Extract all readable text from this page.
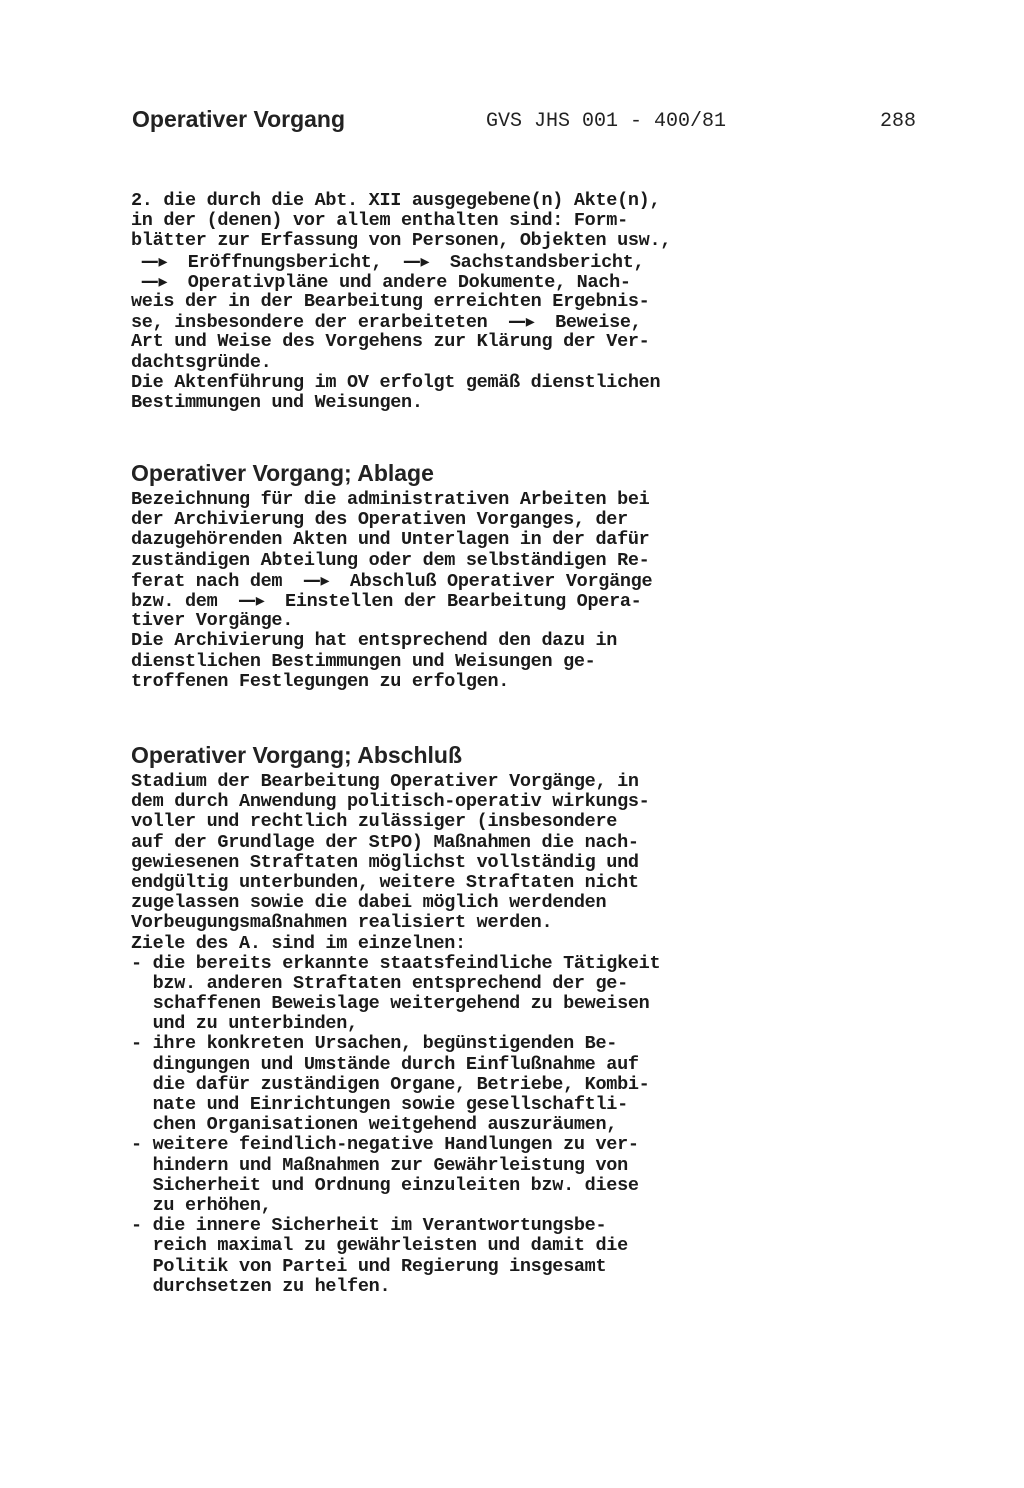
Operativer Vorgang	GVS JHS 001 - 400/81	288
2. die durch die Abt. XII ausgegebene(n) Akte(n),
in der (denen) vor allem enthalten sind: Form-
blätter zur Erfassung von Personen, Objekten usw.,
—▸ Eröffnungsbericht, —▸ Sachstandsbericht,
—▸ Operativpläne und andere Dokumente, Nach-
weis der in der Bearbeitung erreichten Ergebnis-
se, insbesondere der erarbeiteten —▸ Beweise,
Art und Weise des Vorgehens zur Klärung der Ver-
dachtsgründe.
Die Aktenführung im OV erfolgt gemäß dienstlichen
Bestimmungen und Weisungen.
Operativer Vorgang; Ablage
Bezeichnung für die administrativen Arbeiten bei
der Archivierung des Operativen Vorganges, der
dazugehörenden Akten und Unterlagen in der dafür
zuständigen Abteilung oder dem selbständigen Re-
ferat nach dem —▸ Abschluß Operativer Vorgänge
bzw. dem —▸ Einstellen der Bearbeitung Opera-
tiver Vorgänge.
Die Archivierung hat entsprechend den dazu in
dienstlichen Bestimmungen und Weisungen ge-
troffenen Festlegungen zu erfolgen.
Operativer Vorgang; Abschluß
Stadium der Bearbeitung Operativer Vorgänge, in
dem durch Anwendung politisch-operativ wirkungs-
voller und rechtlich zulässiger (insbesondere
auf der Grundlage der StPO) Maßnahmen die nach-
gewiesenen Straftaten möglichst vollständig und
endgültig unterbunden, weitere Straftaten nicht
zugelassen sowie die dabei möglich werdenden
Vorbeugungsmaßnahmen realisiert werden.
Ziele des A. sind im einzelnen:
- die bereits erkannte staatsfeindliche Tätigkeit
bzw. anderen Straftaten entsprechend der ge-
schaffenen Beweislage weitergehend zu beweisen
und zu unterbinden,
- ihre konkreten Ursachen, begünstigenden Be-
dingungen und Umstände durch Einflußnahme auf
die dafür zuständigen Organe, Betriebe, Kombi-
nate und Einrichtungen sowie gesellschaftli-
chen Organisationen weitgehend auszuräumen,
- weitere feindlich-negative Handlungen zu ver-
hindern und Maßnahmen zur Gewährleistung von
Sicherheit und Ordnung einzuleiten bzw. diese
zu erhöhen,
- die innere Sicherheit im Verantwortungsbe-
reich maximal zu gewährleisten und damit die
Politik von Partei und Regierung insgesamt
durchsetzen zu helfen.
